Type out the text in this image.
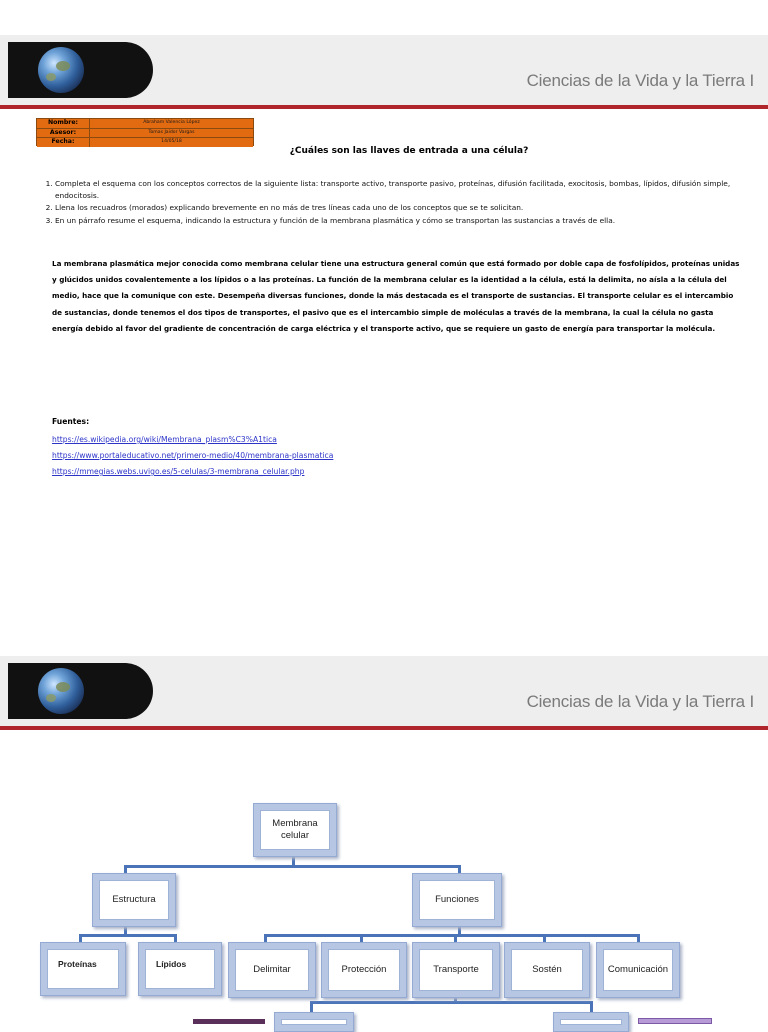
Ciencias de la Vida y la Tierra I
Nombre:	Abraham Valencia López
Asesor:	Tomas Jaidor Vargas
Fecha:	14/05/18
¿Cuáles son las llaves de entrada a una célula?
1. Completa el esquema con los conceptos correctos de la siguiente lista: transporte activo, transporte pasivo, proteínas, difusión facilitada, exocitosis, bombas, lípidos, difusión simple, endocitosis.
2. Llena los recuadros (morados) explicando brevemente en no más de tres líneas cada uno de los conceptos que se te solicitan.
3. En un párrafo resume el esquema, indicando la estructura y función de la membrana plasmática y cómo se transportan las sustancias a través de ella.

La membrana plasmática mejor conocida como membrana celular tiene una estructura general común que está formado por doble capa de fosfolípidos, proteínas unidas y glúcidos unidos covalentemente a los lípidos o a las proteínas. La función de la membrana celular es la identidad a la célula, está la delimita, no aísla a la célula del medio, hace que la comunique con este. Desempeña diversas funciones, donde la más destacada es el transporte de sustancias. El transporte celular es el intercambio de sustancias, donde tenemos el dos tipos de transportes, el pasivo que es el intercambio simple de moléculas a través de la membrana, la cual la célula no gasta energía debido al favor del gradiente de concentración de carga eléctrica y el transporte activo, que se requiere un gasto de energía para transportar la molécula.

Fuentes:

https://es.wikipedia.org/wiki/Membrana_plasm%C3%A1tica
https://www.portaleducativo.net/primero-medio/40/membrana-plasmatica
https://mmegias.webs.uvigo.es/5-celulas/3-membrana_celular.php
Ciencias de la Vida y la Tierra I
Membrana celular
Estructura	Funciones
Proteínas	Lípidos	Delimitar	Protección	Transporte	Sostén	Comunicación
